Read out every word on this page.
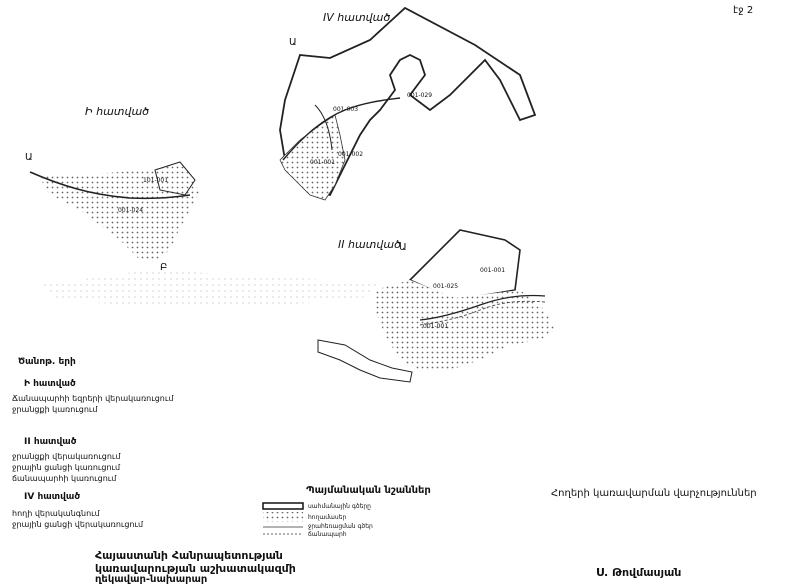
էջ 2
IV հատված
Ա
Ի հատված
Ա
II հատված
Ա
Բ
001-029
001-003
001-001
001-002
101-001
001-024
001-001
001-025
001-001
Ծանոթ. երի
Ի հատված
Ճանապարհի եզրերի վերակառուցում
ջրանցքի կառուցում
II հատված
ջրանցքի վերակառուցում
ջրային ցանցի կառուցում
ճանապարհի կառուցում
IV հատված
հողի վերականգնում
ջրային ցանցի վերակառուցում
Պայմանական նշաններ
սահմանային գծերը
հողամասեր
ջրահեռացման գծեր
ճանապարհ
Հողերի կառավարման վարչություններ
Հայաստանի Հանրապետության
կառավարության աշխատակազմի
ղեկավար-նախարար
Ս. Թովմասյան
